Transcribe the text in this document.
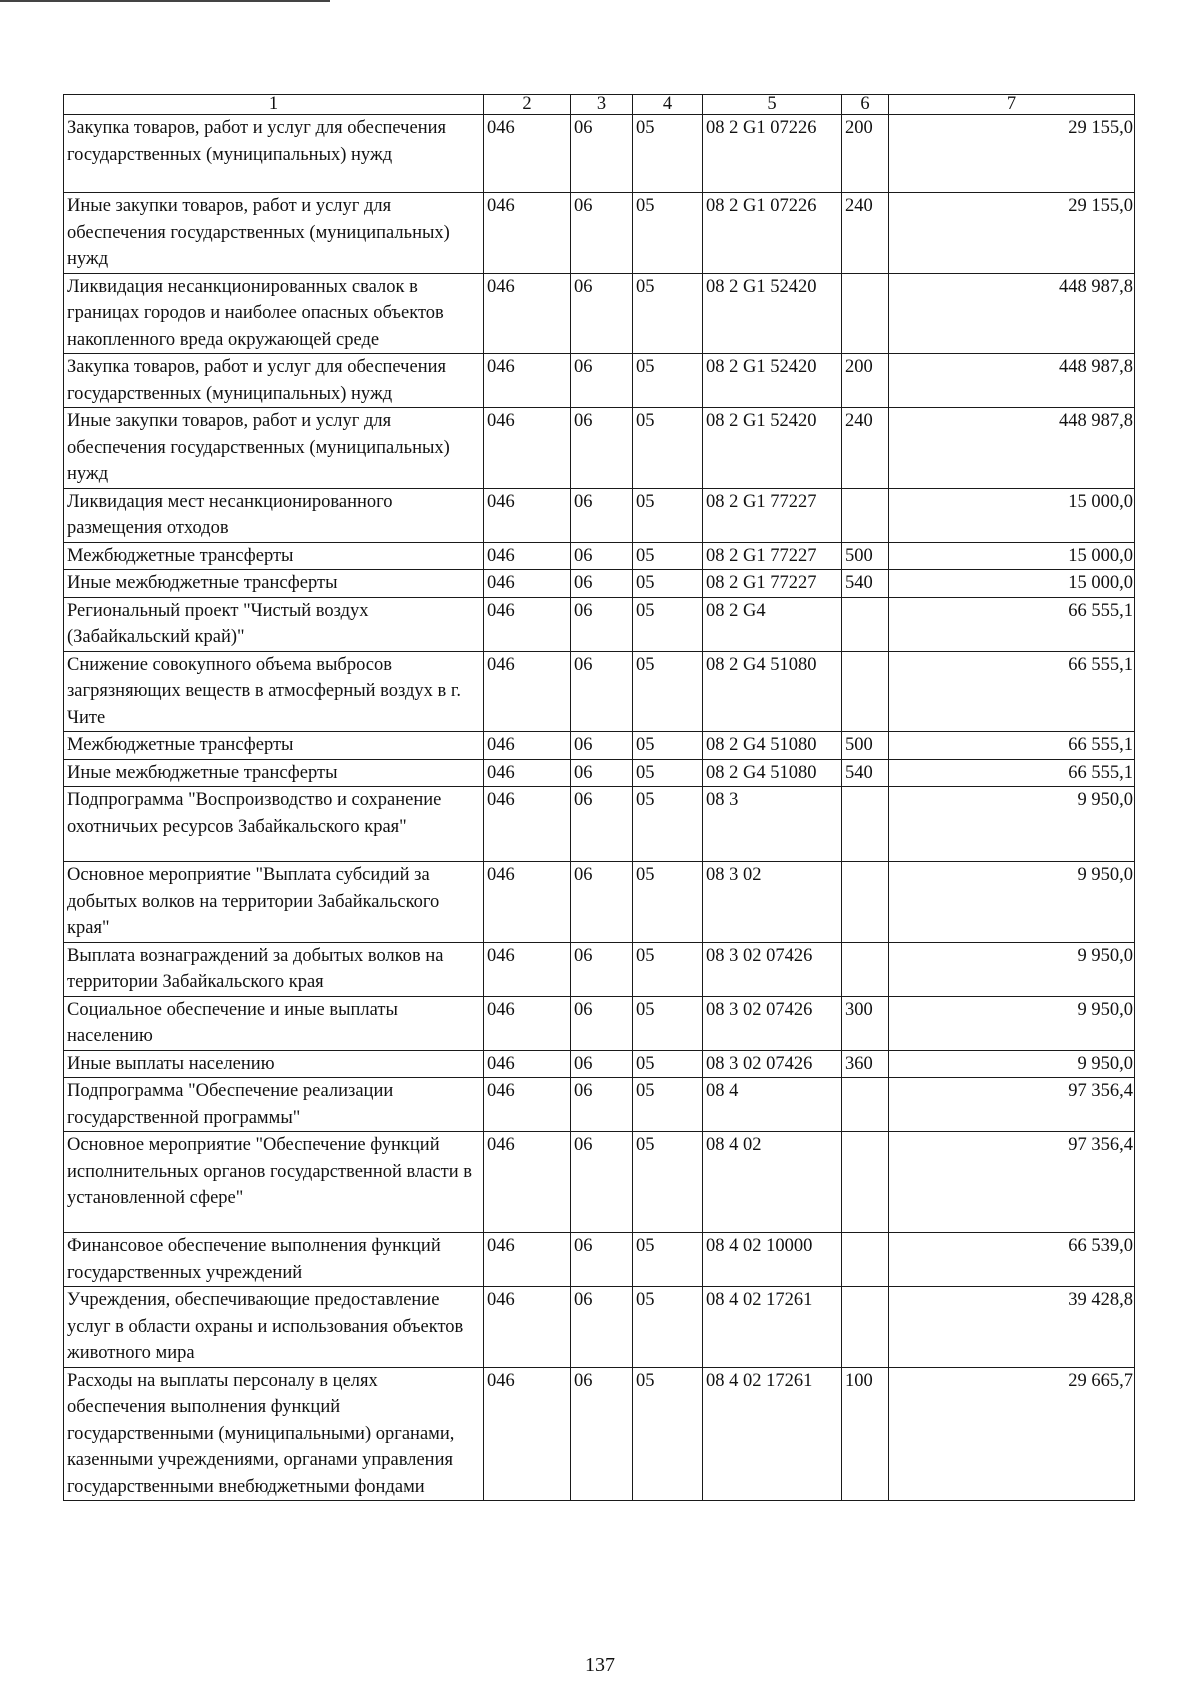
1	2	3	4	5	6	7
Закупка товаров, работ и услуг для обеспечения государственных (муниципальных) нужд	046	06	05	08 2 G1 07226	200	29 155,0
Иные закупки товаров, работ и услуг для обеспечения государственных (муниципальных) нужд	046	06	05	08 2 G1 07226	240	29 155,0
Ликвидация несанкционированных свалок в границах городов и наиболее опасных объектов накопленного вреда окружающей среде	046	06	05	08 2 G1 52420		448 987,8
Закупка товаров, работ и услуг для обеспечения государственных (муниципальных) нужд	046	06	05	08 2 G1 52420	200	448 987,8
Иные закупки товаров, работ и услуг для обеспечения государственных (муниципальных) нужд	046	06	05	08 2 G1 52420	240	448 987,8
Ликвидация мест несанкционированного размещения отходов	046	06	05	08 2 G1 77227		15 000,0
Межбюджетные трансферты	046	06	05	08 2 G1 77227	500	15 000,0
Иные межбюджетные трансферты	046	06	05	08 2 G1 77227	540	15 000,0
Региональный проект "Чистый воздух (Забайкальский край)"	046	06	05	08 2 G4		66 555,1
Снижение совокупного объема выбросов загрязняющих веществ в атмосферный воздух в г. Чите	046	06	05	08 2 G4 51080		66 555,1
Межбюджетные трансферты	046	06	05	08 2 G4 51080	500	66 555,1
Иные межбюджетные трансферты	046	06	05	08 2 G4 51080	540	66 555,1
Подпрограмма "Воспроизводство и сохранение охотничьих ресурсов Забайкальского края"	046	06	05	08 3		9 950,0
Основное мероприятие "Выплата субсидий за добытых волков на территории Забайкальского края"	046	06	05	08 3 02		9 950,0
Выплата вознаграждений за добытых волков на территории Забайкальского края	046	06	05	08 3 02 07426		9 950,0
Социальное обеспечение и иные выплаты населению	046	06	05	08 3 02 07426	300	9 950,0
Иные выплаты населению	046	06	05	08 3 02 07426	360	9 950,0
Подпрограмма "Обеспечение реализации государственной программы"	046	06	05	08 4		97 356,4
Основное мероприятие "Обеспечение функций исполнительных органов государственной власти в установленной сфере"	046	06	05	08 4 02		97 356,4
Финансовое обеспечение выполнения функций государственных учреждений	046	06	05	08 4 02 10000		66 539,0
Учреждения, обеспечивающие предоставление услуг в области охраны и использования объектов животного мира	046	06	05	08 4 02 17261		39 428,8
Расходы на выплаты персоналу в целях обеспечения выполнения функций государственными (муниципальными) органами, казенными учреждениями, органами управления государственными внебюджетными фондами	046	06	05	08 4 02 17261	100	29 665,7
137
